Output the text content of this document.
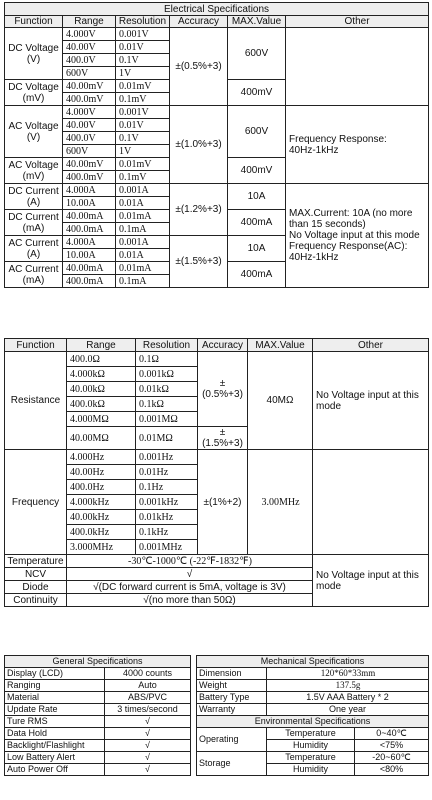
Electrical Specifications					
Function	Range	Resolution	Accuracy	MAX.Value	Other
DC Voltage
(V)	4.000V	0.001V	±(0.5%+3)	600V	
	40.00V	0.01V			
	400.0V	0.1V			
	600V	1V			
DC Voltage
(mV)	40.00mV	0.01mV		400mV	
	400.0mV	0.1mV			
AC Voltage
(V)	4.000V	0.001V	±(1.0%+3)	600V	Frequency Response:
40Hz-1kHz
	40.00V	0.01V			
	400.0V	0.1V			
	600V	1V			
AC Voltage
(mV)	40.00mV	0.01mV		400mV	
	400.0mV	0.1mV			
DC Current
(A)	4.000A	0.001A	±(1.2%+3)	10A	MAX.Current: 10A (no more than 15 seconds)
No Voltage input at this mode
Frequency Response(AC):
40Hz-1kHz
	10.00A	0.01A			
DC Current
(mA)	40.00mA	0.01mA		400mA	
	400.0mA	0.1mA			
AC Current
(A)	4.000A	0.001A	±(1.5%+3)	10A	
	10.00A	0.01A			
AC Current
(mA)	40.00mA	0.01mA		400mA	
	400.0mA	0.1mA			
Function	Range	Resolution	Accuracy	MAX.Value	Other
Resistance	400.0Ω	0.1Ω	±(0.5%+3)	40MΩ	No Voltage input at this mode
	4.000kΩ	0.001kΩ			
	40.00kΩ	0.01kΩ			
	400.0kΩ	0.1kΩ			
	4.000MΩ	0.001MΩ			
	40.00MΩ	0.01MΩ	±(1.5%+3)		
Frequency	4.000Hz	0.001Hz	±(1%+2)	3.00MHz	
	40.00Hz	0.01Hz			
	400.0Hz	0.1Hz			
	4.000kHz	0.001kHz			
	40.00kHz	0.01kHz			
	400.0kHz	0.1kHz			
	3.000MHz	0.001MHz			
Temperature	-30℃-1000℃ (-22℉-1832℉)				No Voltage input at this mode
NCV	√				
Diode	√(DC forward current is 5mA, voltage is 3V)				
Continuity	√(no more than 50Ω)				
General Specifications	
Display (LCD)	4000 counts
Ranging	Auto
Material	ABS/PVC
Update Rate	3 times/second
Ture RMS	√
Data Hold	√
Backlight/Flashlight	√
Low Battery Alert	√
Auto Power Off	√
Mechanical Specifications		
Dimension	120*60*33mm	
Weight	137.5g	
Battery Type	1.5V AAA Battery * 2	
Warranty	One year	
Environmental Specifications		
Operating	Temperature	0~40℃
	Humidity	<75%
Storage	Temperature	-20~60℃
	Humidity	<80%
